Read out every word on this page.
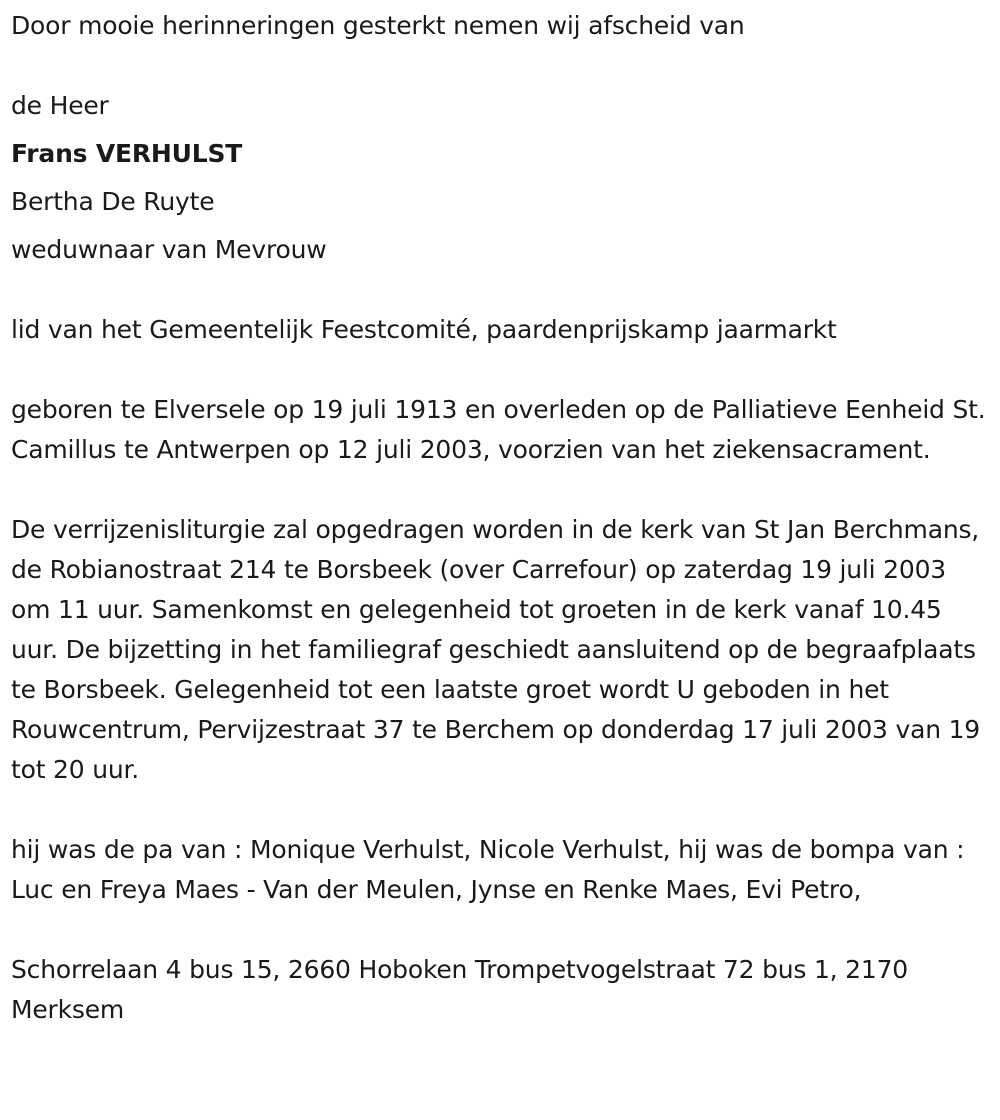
Door mooie herinneringen gesterkt nemen wij afscheid van
de Heer
Frans VERHULST
Bertha De Ruyte
weduwnaar van Mevrouw
lid van het Gemeentelijk Feestcomité, paardenprijskamp jaarmarkt

geboren te Elversele op 19 juli 1913 en overleden op de Palliatieve Eenheid St. Camillus te Antwerpen op 12 juli 2003, voorzien van het ziekensacrament.

De verrijzenisliturgie zal opgedragen worden in de kerk van St Jan Berchmans, de Robianostraat 214 te Borsbeek (over Carrefour) op zaterdag 19 juli 2003 om 11 uur. Samenkomst en gelegenheid tot groeten in de kerk vanaf 10.45 uur. De bijzetting in het familiegraf geschiedt aansluitend op de begraafplaats te Borsbeek. Gelegenheid tot een laatste groet wordt U geboden in het Rouwcentrum, Pervijzestraat 37 te Berchem op donderdag 17 juli 2003 van 19 tot 20 uur.

hij was de pa van : Monique Verhulst, Nicole Verhulst, hij was de bompa van : Luc en Freya Maes - Van der Meulen, Jynse en Renke Maes, Evi Petro,

Schorrelaan 4 bus 15, 2660 Hoboken Trompetvogelstraat 72 bus 1, 2170 Merksem
